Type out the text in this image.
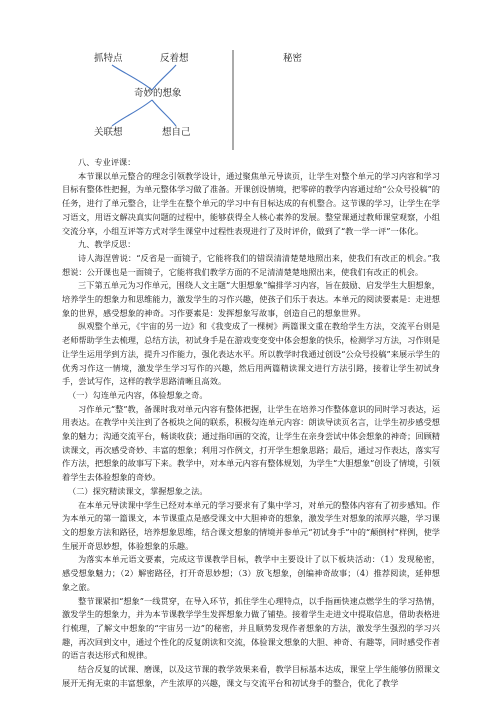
抓特点	反着想
奇妙的想象
关联想	想自己
秘密

八、专业评课：

本节课以单元整合的理念引领教学设计，通过聚焦单元导读页，让学生对整个单元的学习内容和学习目标有整体性把握，为单元整体学习做了准备。开课创设情境，把零碎的教学内容通过给“公众号投稿”的任务，进行了单元整合，让学生在整个单元的学习中有目标达成的有机整合。这节课的学习，让学生在学习语文，用语文解决真实问题的过程中，能够获得全人核心素养的发展。整堂课通过教师课堂观察，小组交流分享，小组互评等方式对学生课堂中过程性表现进行了及时评价，做到了“教一学一评”一体化。

九、教学反思：

诗人海涅曾说：“反省是一面镜子，它能将我们的错误清清楚楚地照出来，使我们有改正的机会。”我想说：公开课也是一面镜子，它能将我们教学方面的不足清清楚楚地照出来，使我们有改正的机会。

三下第五单元为习作单元，围绕人文主题“大胆想象”编排学习内容，旨在鼓励、启发学生大胆想象，培养学生的想象力和思维能力，激发学生的习作兴趣，使孩子们乐于表达。本单元的阅读要素是：走进想象的世界，感受想象的神奇。习作要素是：发挥想象写故事，创造自己的想象世界。

纵观整个单元，《宇宙的另一边》和《我变成了一棵树》两篇课文重在教给学生方法，交流平台则是老师帮助学生去梳理，总结方法，初试身手是在游戏变变变中体会想象的快乐，检测学习方法，习作则是让学生运用学到方法，提升习作能力，强化表达水平。所以教学时我通过创设“公众号投稿”来展示学生的优秀习作这一情境，激发学生学习写作的兴趣，然后用两篇精读课文进行方法引路，接着让学生初试身手，尝试写作，这样的教学思路清晰且高效。

（一）勾连单元内容，体验想象之奇。

习作单元“整”教，备课时我对单元内容有整体把握，让学生在培养习作整体意识的同时学习表达，运用表达。在教学中关注到了各板块之间的联系，积极勾连单元内容：朗读导读页名言，让学生初步感受想象的魅力；沟通交流平台，畅谈收获；通过指印画的交流，让学生在亲身尝试中体会想象的神奇；回顾精读课文，再次感受奇妙、丰富的想象；利用习作例文，打开学生想象思路；最后，通过习作表达，落实写作方法，把想象的故事写下来。教学中，对本单元内容有整体规划，为学生“大胆想象”创设了情境，引领着学生去体验想象的奇妙。

（二）探究精读课文，掌握想象之法。

在本单元导读课中学生已经对本单元的学习要求有了集中学习，对单元的整体内容有了初步感知。作为本单元的第一篇课文，本节课重点是感受课文中大胆神奇的想象，激发学生对想象的浓厚兴趣，学习课文的想象方法和路径，培养想象思维，结合课文想象的情境并参单元“初试身手”中的“颠倒村”样例，使学生展开奇思妙想，体验想象的乐趣。

为落实本单元语文要素，完成这节课教学目标，教学中主要设计了以下板块活动：（1）发现秘密，感受想象魅力；（2）解密路径，打开奇思妙想；（3）放飞想象，创编神奇故事；（4）推荐阅读，延伸想象之旅。

整节课紧扣“想象”一线贯穿，在导入环节，抓住学生心理特点，以手指画快速点燃学生的学习热情，激发学生的想象力，并为本节课教学学生发挥想象力做了铺垫。接着学生走进文中提取信息，借助表格进行梳理，了解文中想象的“宇宙另一边”的秘密，并且顺势发现作者想象的方法，激发学生强烈的学习兴趣，再次回到文中，通过个性化的反复朗读和交流，体验课文想象的大胆、神奇、有趣等，同时感受作者的语言表达形式和规律。

结合反复的试课、磨课，以及这节课的教学效果来看，教学目标基本达成，课堂上学生能够仿照课文展开无拘无束的丰富想象，产生浓厚的兴趣，课文与交流平台和初试身手的整合，优化了教学
